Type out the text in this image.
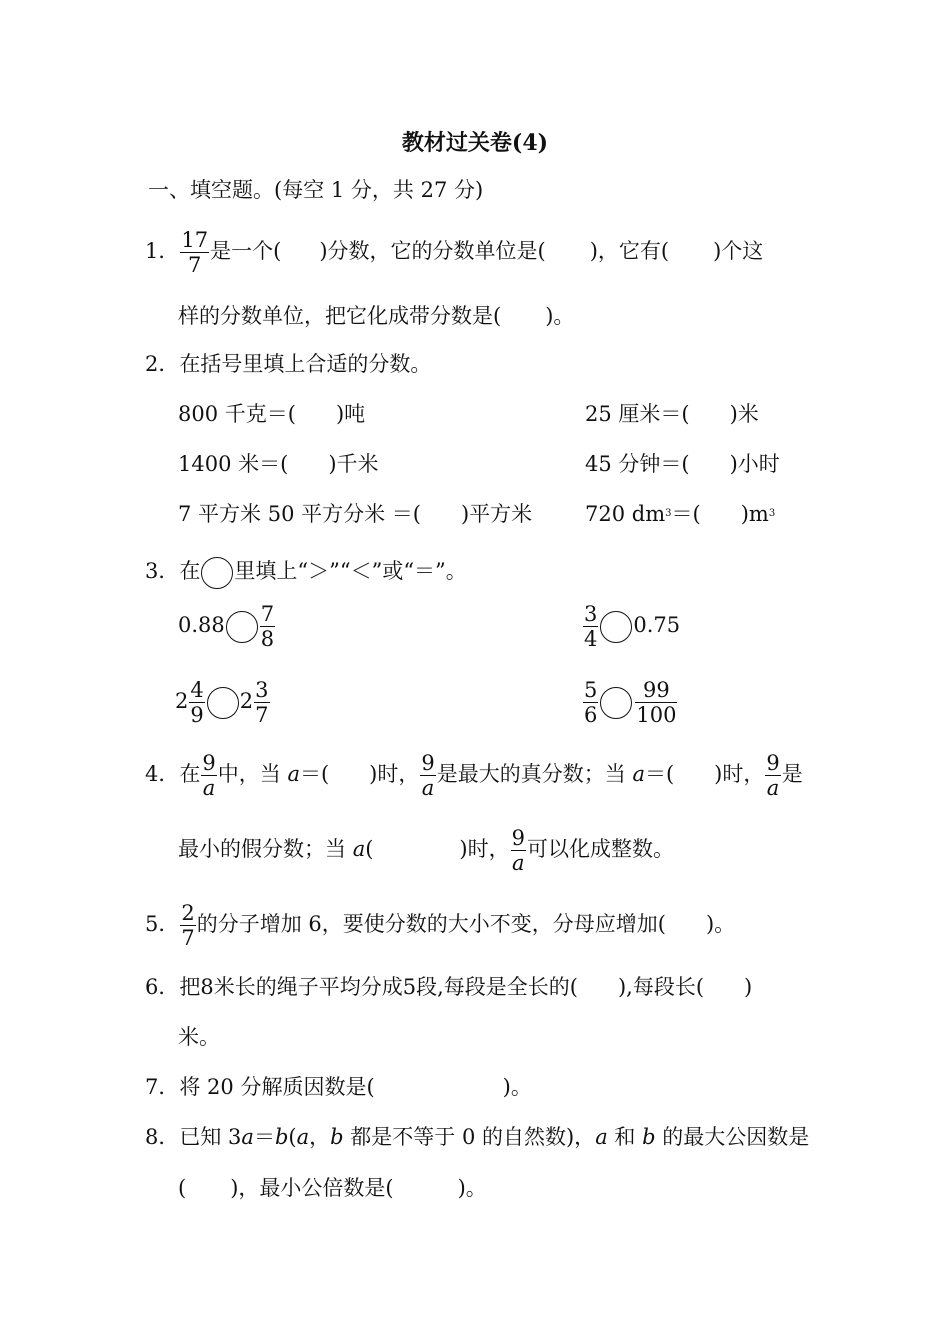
教材过关卷(4)
一、填空题。(每空 1 分，共 27 分)
1． $\frac{17}{7}$ 是一个( )分数，它的分数单位是( )，它有( )个这
样的分数单位，把它化成带分数是( )。
2．在括号里填上合适的分数。
800 千克＝( )吨	25 厘米＝( )米
1400 米＝( )千米	45 分钟＝( )小时
7 平方米 50 平方分米 ＝( )平方米	720 $dm^3=$( )$m^3$
3．在 里填上“＞”“＜”或“＝”。
$0.88 \frac{7}{8}$	$\frac{3}{4} 0.75$
$2 \frac{4}{9} 2 \frac{3}{7}$	$\frac{5}{6} \frac{99}{100}$
4．在 $\frac{9}{a}$ 中，当 a＝( )时， $\frac{9}{a}$ 是最大的真分数；当 a＝( )时， $\frac{9}{a}$ 是
最小的假分数；当 a(	)时， $\frac{9}{a}$ 可以化成整数。
5． $\frac{2}{7}$ 的分子增加 6，要使分数的大小不变，分母应增加( )。
6．把8米长的绳子平均分成5段,每段是全长的( ),每段长( )
米。
7．将 20 分解质因数是(	)。
8．已知 3a＝b(a，b 都是不等于 0 的自然数)，a 和 b 的最大公因数是
( )，最小公倍数是(	)。
